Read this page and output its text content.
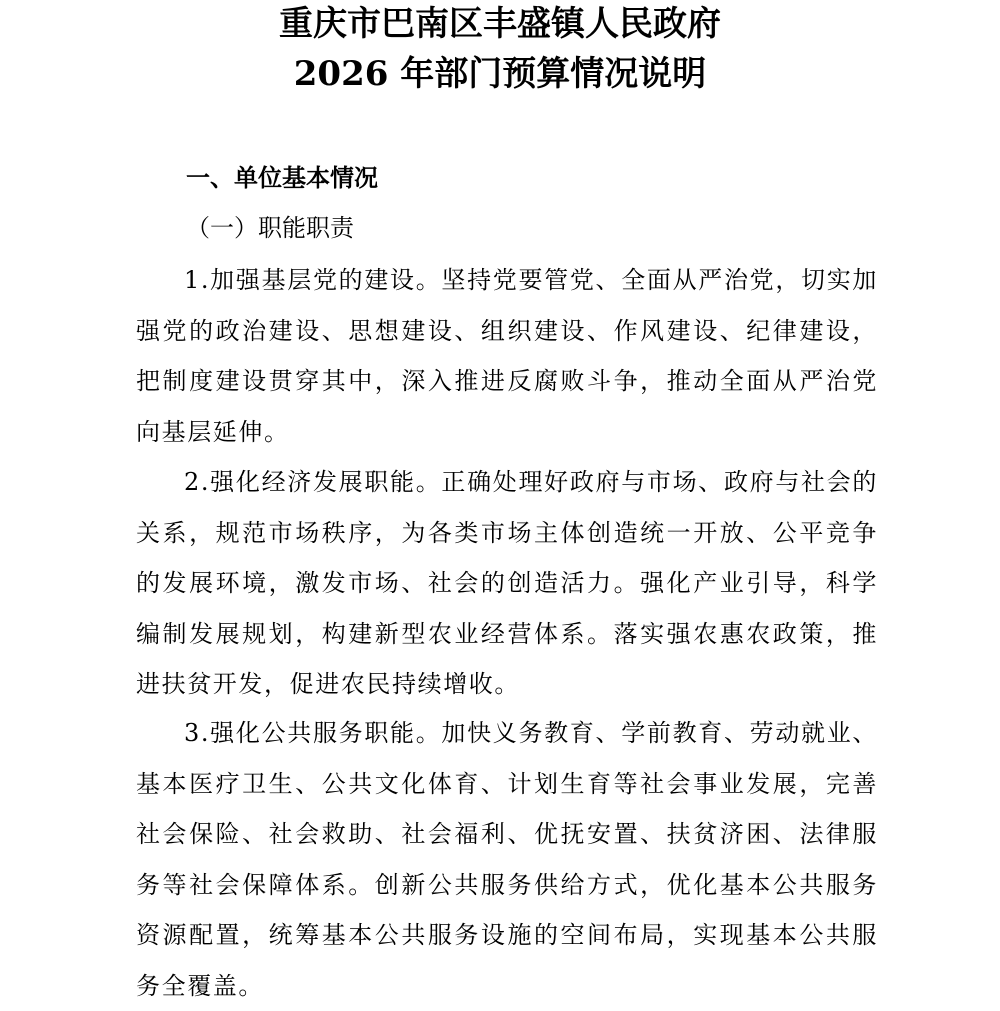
重庆市巴南区丰盛镇人民政府
2026 年部门预算情况说明
一、单位基本情况
（一）职能职责

1.加强基层党的建设。坚持党要管党、全面从严治党，切实加强党的政治建设、思想建设、组织建设、作风建设、纪律建设，把制度建设贯穿其中，深入推进反腐败斗争，推动全面从严治党向基层延伸。

2.强化经济发展职能。正确处理好政府与市场、政府与社会的关系，规范市场秩序，为各类市场主体创造统一开放、公平竞争的发展环境，激发市场、社会的创造活力。强化产业引导，科学编制发展规划，构建新型农业经营体系。落实强农惠农政策，推进扶贫开发，促进农民持续增收。

3.强化公共服务职能。加快义务教育、学前教育、劳动就业、基本医疗卫生、公共文化体育、计划生育等社会事业发展，完善社会保险、社会救助、社会福利、优抚安置、扶贫济困、法律服务等社会保障体系。创新公共服务供给方式，优化基本公共服务资源配置，统筹基本公共服务设施的空间布局，实现基本公共服务全覆盖。
